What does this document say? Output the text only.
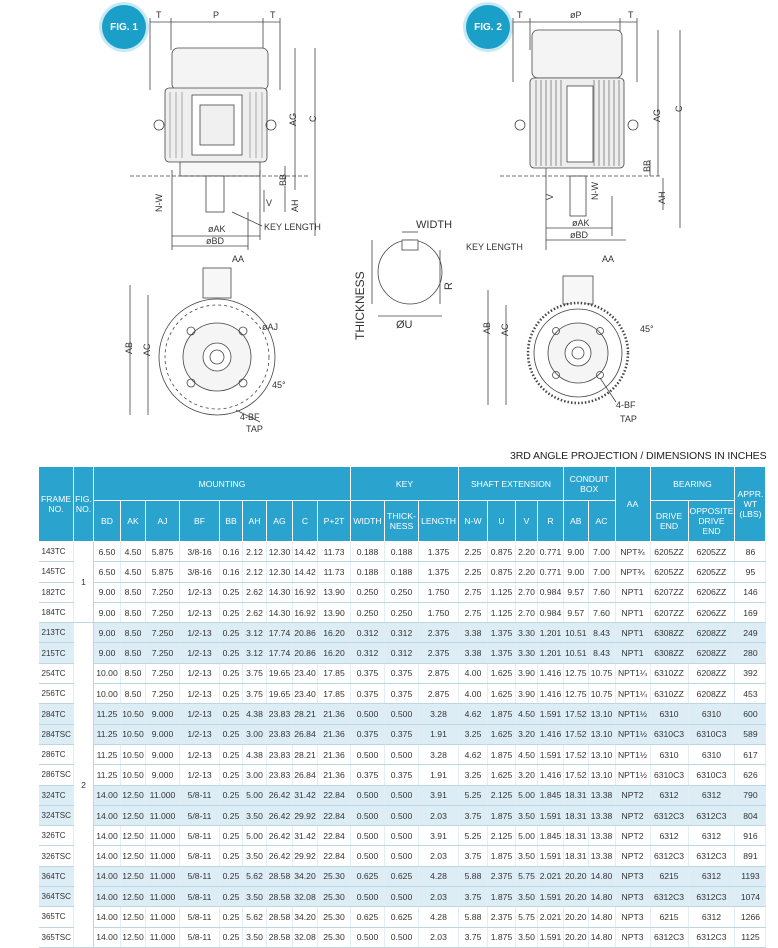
FIG. 1	FIG. 2
T	P	T
AG C
BB
AH
V
N-W
øAK	KEY LENGTH
øBD
T	øP	T
AG
C
BB
AH
V	N-W
øAK
øBD
KEY LENGTH
WIDTH
THICKNESS	R
ØU
AA
AB AC
øAJ
45°
4-BF
TAP
AA
AB AC	45°
4-BF
TAP
3RD ANGLE PROJECTION / DIMENSIONS IN INCHES
FRAME NO.	FIG. NO.	MOUNTING									KEY			SHAFT EXTENSION				CONDUIT BOX		AA	BEARING		APPR. WT (LBS)
		BD	AK	AJ	BF	BB	AH	AG	C	P+2T	WIDTH	THICK-NESS	LENGTH	N-W	U	V	R	AB	AC		DRIVE END	OPPOSITE DRIVE END	
143TC	1	6.50	4.50	5.875	3/8-16	0.16	2.12	12.30	14.42	11.73	0.188	0.188	1.375	2.25	0.875	2.20	0.771	9.00	7.00	NPT¾	6205ZZ	6205ZZ	86
145TC		6.50	4.50	5.875	3/8-16	0.16	2.12	12.30	14.42	11.73	0.188	0.188	1.375	2.25	0.875	2.20	0.771	9.00	7.00	NPT¾	6205ZZ	6205ZZ	95
182TC		9.00	8.50	7.250	1/2-13	0.25	2.62	14.30	16.92	13.90	0.250	0.250	1.750	2.75	1.125	2.70	0.984	9.57	7.60	NPT1	6207ZZ	6206ZZ	146
184TC		9.00	8.50	7.250	1/2-13	0.25	2.62	14.30	16.92	13.90	0.250	0.250	1.750	2.75	1.125	2.70	0.984	9.57	7.60	NPT1	6207ZZ	6206ZZ	169
213TC	2	9.00	8.50	7.250	1/2-13	0.25	3.12	17.74	20.86	16.20	0.312	0.312	2.375	3.38	1.375	3.30	1.201	10.51	8.43	NPT1	6308ZZ	6208ZZ	249
215TC		9.00	8.50	7.250	1/2-13	0.25	3.12	17.74	20.86	16.20	0.312	0.312	2.375	3.38	1.375	3.30	1.201	10.51	8.43	NPT1	6308ZZ	6208ZZ	280
254TC		10.00	8.50	7.250	1/2-13	0.25	3.75	19.65	23.40	17.85	0.375	0.375	2.875	4.00	1.625	3.90	1.416	12.75	10.75	NPT1¼	6310ZZ	6208ZZ	392
256TC		10.00	8.50	7.250	1/2-13	0.25	3.75	19.65	23.40	17.85	0.375	0.375	2.875	4.00	1.625	3.90	1.416	12.75	10.75	NPT1¼	6310ZZ	6208ZZ	453
284TC		11.25	10.50	9.000	1/2-13	0.25	4.38	23.83	28.21	21.36	0.500	0.500	3.28	4.62	1.875	4.50	1.591	17.52	13.10	NPT1½	6310	6310	600
284TSC		11.25	10.50	9.000	1/2-13	0.25	3.00	23.83	26.84	21.36	0.375	0.375	1.91	3.25	1.625	3.20	1.416	17.52	13.10	NPT1½	6310C3	6310C3	589
286TC		11.25	10.50	9.000	1/2-13	0.25	4.38	23.83	28.21	21.36	0.500	0.500	3.28	4.62	1.875	4.50	1.591	17.52	13.10	NPT1½	6310	6310	617
286TSC		11.25	10.50	9.000	1/2-13	0.25	3.00	23.83	26.84	21.36	0.375	0.375	1.91	3.25	1.625	3.20	1.416	17.52	13.10	NPT1½	6310C3	6310C3	626
324TC		14.00	12.50	11.000	5/8-11	0.25	5.00	26.42	31.42	22.84	0.500	0.500	3.91	5.25	2.125	5.00	1.845	18.31	13.38	NPT2	6312	6312	790
324TSC		14.00	12.50	11.000	5/8-11	0.25	3.50	26.42	29.92	22.84	0.500	0.500	2.03	3.75	1.875	3.50	1.591	18.31	13.38	NPT2	6312C3	6312C3	804
326TC		14.00	12.50	11.000	5/8-11	0.25	5.00	26.42	31.42	22.84	0.500	0.500	3.91	5.25	2.125	5.00	1.845	18.31	13.38	NPT2	6312	6312	916
326TSC		14.00	12.50	11.000	5/8-11	0.25	3.50	26.42	29.92	22.84	0.500	0.500	2.03	3.75	1.875	3.50	1.591	18.31	13.38	NPT2	6312C3	6312C3	891
364TC		14.00	12.50	11.000	5/8-11	0.25	5.62	28.58	34.20	25.30	0.625	0.625	4.28	5.88	2.375	5.75	2.021	20.20	14.80	NPT3	6215	6312	1193
364TSC		14.00	12.50	11.000	5/8-11	0.25	3.50	28.58	32.08	25.30	0.500	0.500	2.03	3.75	1.875	3.50	1.591	20.20	14.80	NPT3	6312C3	6312C3	1074
365TC		14.00	12.50	11.000	5/8-11	0.25	5.62	28.58	34.20	25.30	0.625	0.625	4.28	5.88	2.375	5.75	2.021	20.20	14.80	NPT3	6215	6312	1266
365TSC		14.00	12.50	11.000	5/8-11	0.25	3.50	28.58	32.08	25.30	0.500	0.500	2.03	3.75	1.875	3.50	1.591	20.20	14.80	NPT3	6312C3	6312C3	1125
